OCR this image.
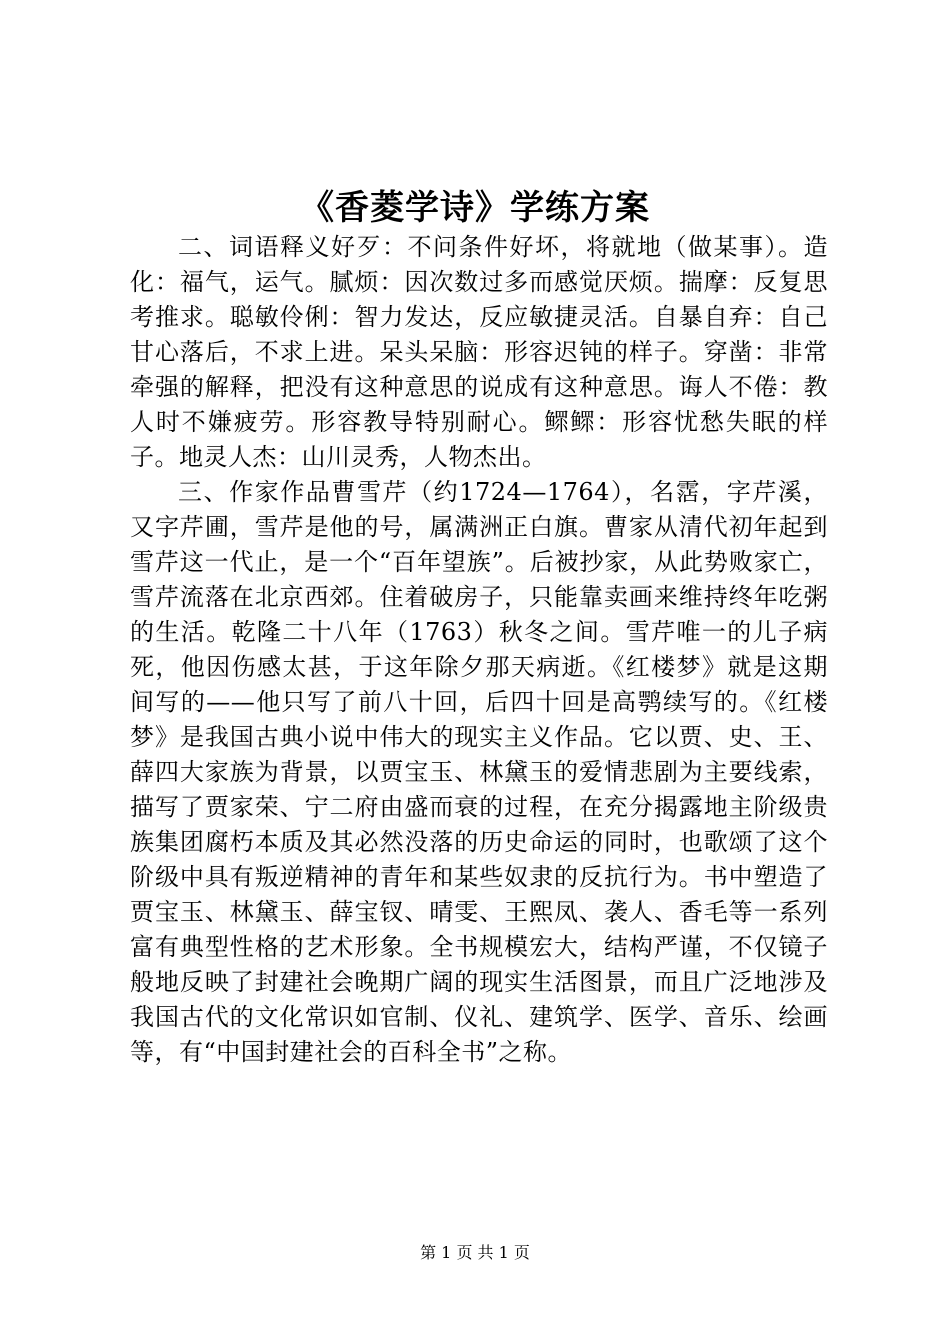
《香菱学诗》学练方案

二、词语释义好歹：不问条件好坏，将就地（做某事）。造化：福气，运气。腻烦：因次数过多而感觉厌烦。揣摩：反复思考推求。聪敏伶俐：智力发达，反应敏捷灵活。自暴自弃：自己甘心落后，不求上进。呆头呆脑：形容迟钝的样子。穿凿：非常牵强的解释，把没有这种意思的说成有这种意思。诲人不倦：教人时不嫌疲劳。形容教导特别耐心。鳏鳏：形容忧愁失眠的样子。地灵人杰：山川灵秀，人物杰出。

三、作家作品曹雪芹（约1724—1764），名霑，字芹溪，又字芹圃，雪芹是他的号，属满洲正白旗。曹家从清代初年起到雪芹这一代止，是一个“百年望族”。后被抄家，从此势败家亡，雪芹流落在北京西郊。住着破房子，只能靠卖画来维持终年吃粥的生活。乾隆二十八年（1763）秋冬之间。雪芹唯一的儿子病死，他因伤感太甚，于这年除夕那天病逝。《红楼梦》就是这期间写的——他只写了前八十回，后四十回是高鹗续写的。《红楼梦》是我国古典小说中伟大的现实主义作品。它以贾、史、王、薛四大家族为背景，以贾宝玉、林黛玉的爱情悲剧为主要线索，描写了贾家荣、宁二府由盛而衰的过程，在充分揭露地主阶级贵族集团腐朽本质及其必然没落的历史命运的同时，也歌颂了这个阶级中具有叛逆精神的青年和某些奴隶的反抗行为。书中塑造了贾宝玉、林黛玉、薛宝钗、晴雯、王熙凤、袭人、香毛等一系列富有典型性格的艺术形象。全书规模宏大，结构严谨，不仅镜子般地反映了封建社会晚期广阔的现实生活图景，而且广泛地涉及我国古代的文化常识如官制、仪礼、建筑学、医学、音乐、绘画等，有“中国封建社会的百科全书”之称。

第 1 页 共 1 页
